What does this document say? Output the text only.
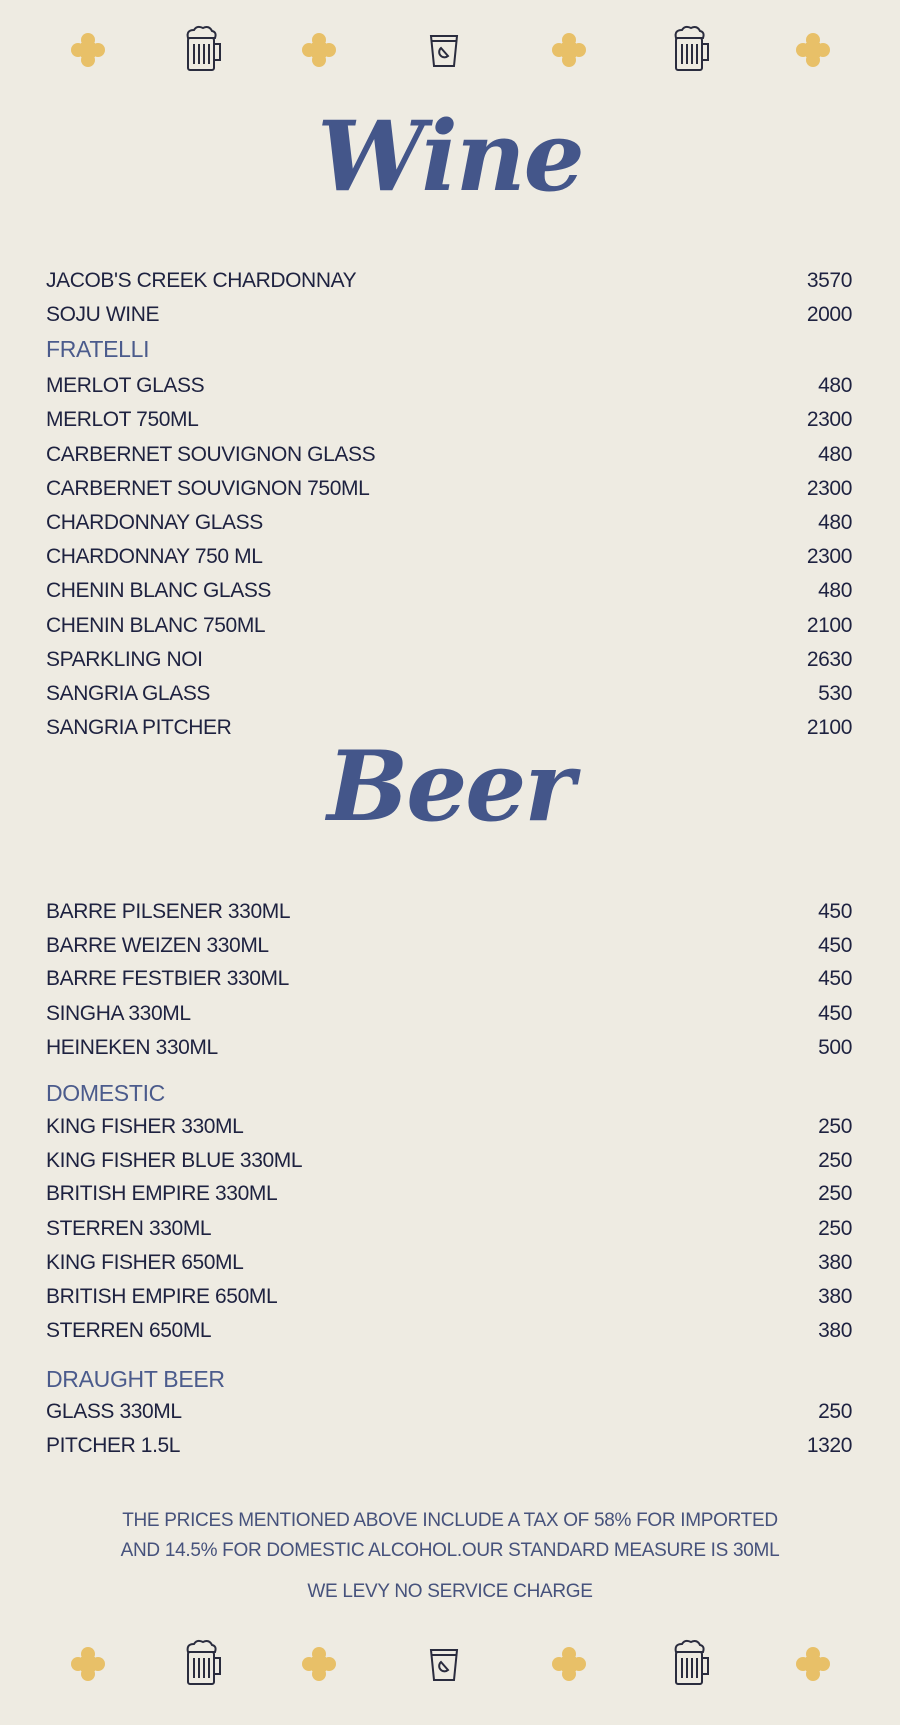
Wine
JACOB'S CREEK CHARDONNAY	3570
SOJU WINE	2000
MERLOT GLASS	480
MERLOT 750ML	2300
CARBERNET SOUVIGNON GLASS	480
CARBERNET SOUVIGNON 750ML	2300
CHARDONNAY GLASS	480
CHARDONNAY 750 ML	2300
CHENIN BLANC GLASS	480
CHENIN BLANC 750ML	2100
SPARKLING NOI	2630
SANGRIA GLASS	530
SANGRIA PITCHER	2100
FRATELLI
Beer
BARRE PILSENER 330ML	450
BARRE WEIZEN 330ML	450
BARRE FESTBIER 330ML	450
SINGHA 330ML	450
HEINEKEN 330ML	500
KING FISHER 330ML	250
KING FISHER BLUE 330ML	250
BRITISH EMPIRE 330ML	250
STERREN 330ML	250
KING FISHER 650ML	380
BRITISH EMPIRE 650ML	380
STERREN 650ML	380
GLASS 330ML	250
PITCHER 1.5L	1320
DOMESTIC
DRAUGHT BEER
THE PRICES MENTIONED ABOVE INCLUDE A TAX OF 58% FOR IMPORTED
AND 14.5% FOR DOMESTIC ALCOHOL.OUR STANDARD MEASURE IS 30ML
WE LEVY NO SERVICE CHARGE
